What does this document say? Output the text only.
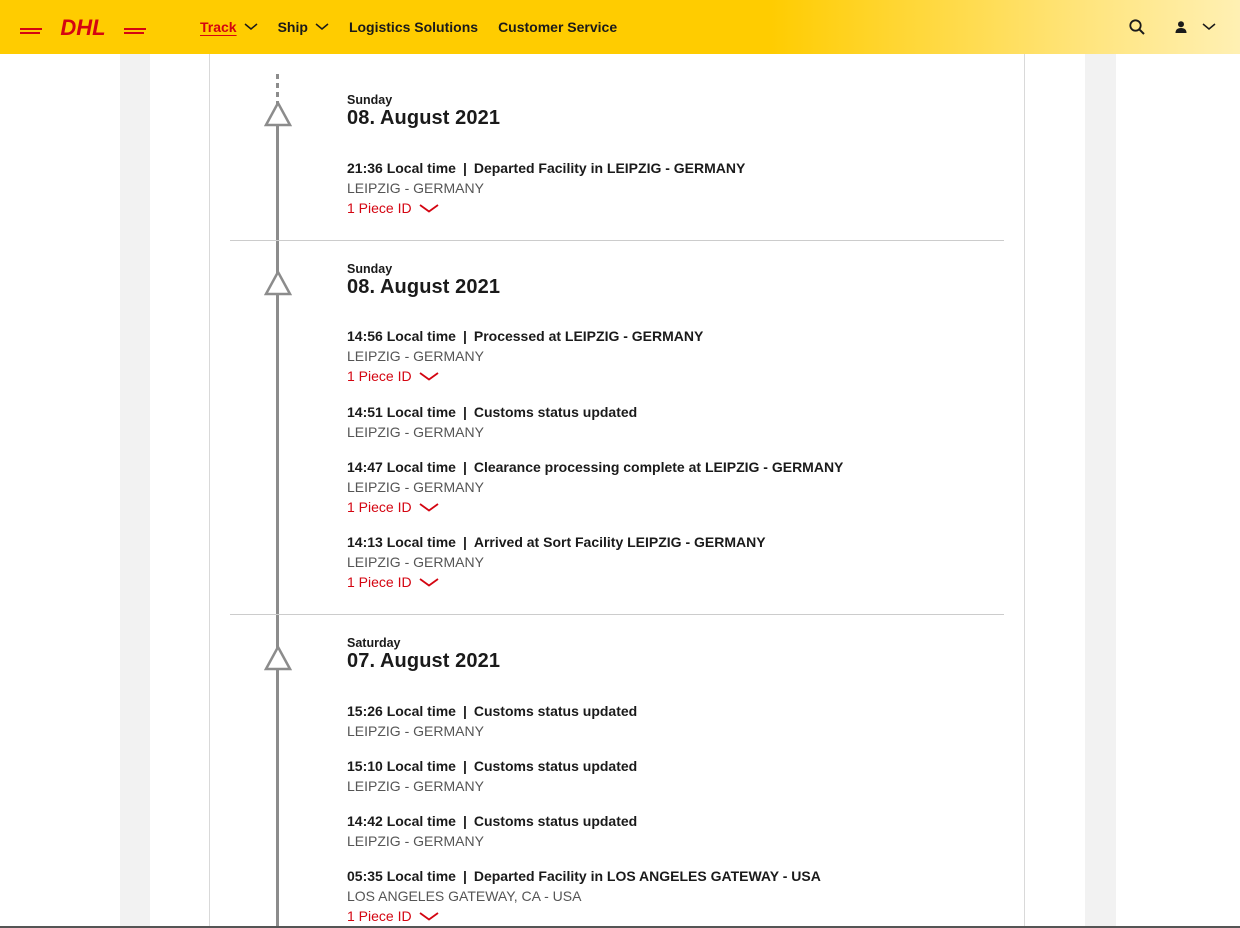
DHL	Track	Ship	Logistics Solutions Customer Service
Sunday
08. August 2021
21:36 Local time | Departed Facility in LEIPZIG - GERMANY
LEIPZIG - GERMANY
1 Piece ID
Sunday
08. August 2021
14:56 Local time | Processed at LEIPZIG - GERMANY
LEIPZIG - GERMANY
1 Piece ID
14:51 Local time | Customs status updated
LEIPZIG - GERMANY
14:47 Local time | Clearance processing complete at LEIPZIG - GERMANY
LEIPZIG - GERMANY
1 Piece ID
14:13 Local time | Arrived at Sort Facility LEIPZIG - GERMANY
LEIPZIG - GERMANY
1 Piece ID
Saturday
07. August 2021
15:26 Local time | Customs status updated
LEIPZIG - GERMANY
15:10 Local time | Customs status updated
LEIPZIG - GERMANY
14:42 Local time | Customs status updated
LEIPZIG - GERMANY
05:35 Local time | Departed Facility in LOS ANGELES GATEWAY - USA
LOS ANGELES GATEWAY, CA - USA
1 Piece ID
